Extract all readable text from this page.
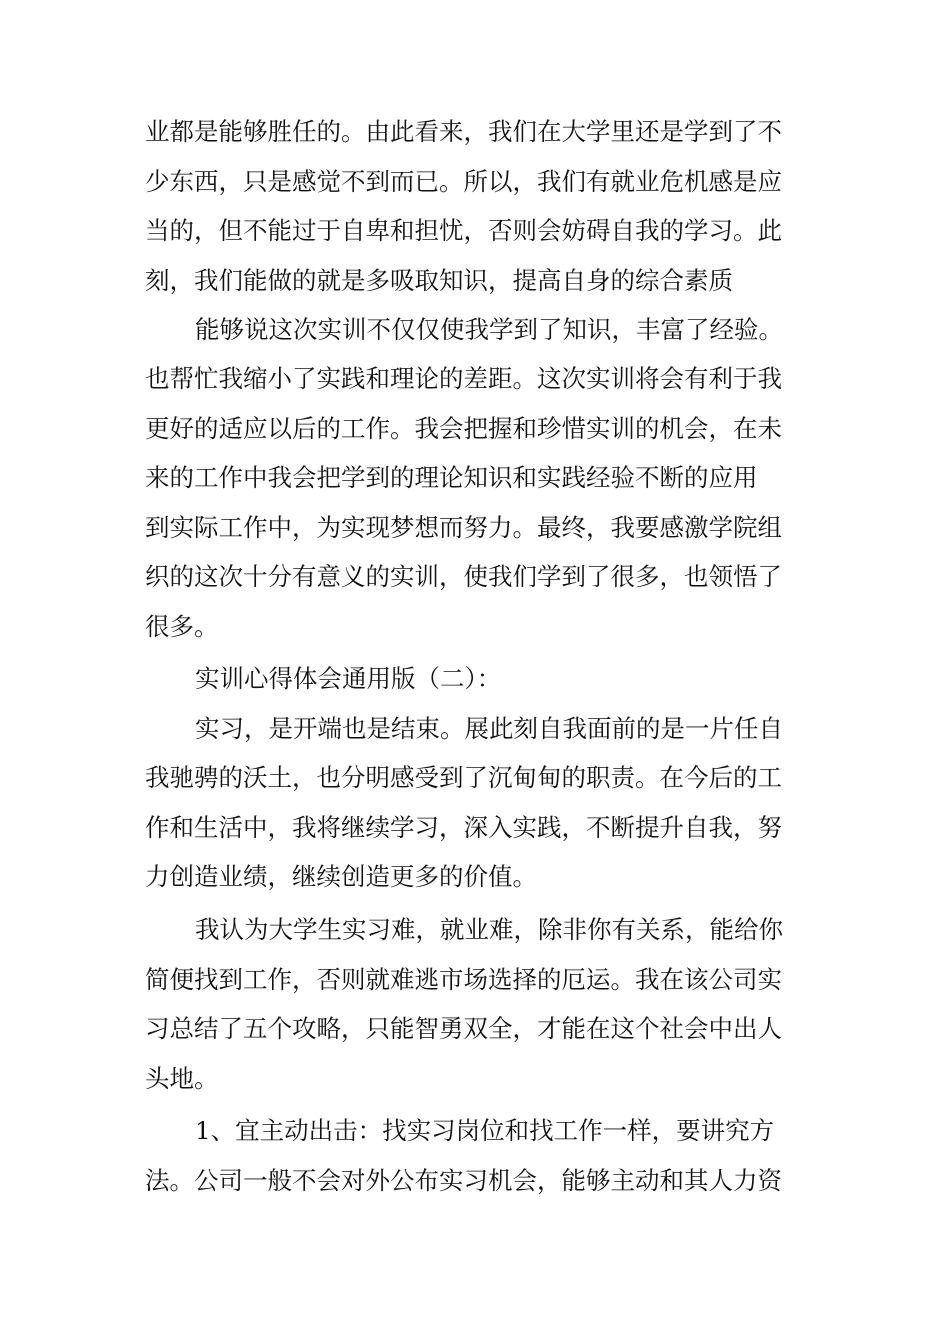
业都是能够胜任的。由此看来，我们在大学里还是学到了不
少东西，只是感觉不到而已。所以，我们有就业危机感是应
当的，但不能过于自卑和担忧，否则会妨碍自我的学习。此
刻，我们能做的就是多吸取知识，提高自身的综合素质
能够说这次实训不仅仅使我学到了知识，丰富了经验。
也帮忙我缩小了实践和理论的差距。这次实训将会有利于我
更好的适应以后的工作。我会把握和珍惜实训的机会，在未
来的工作中我会把学到的理论知识和实践经验不断的应用
到实际工作中，为实现梦想而努力。最终，我要感激学院组
织的这次十分有意义的实训，使我们学到了很多，也领悟了
很多。
实训心得体会通用版（二）：
实习，是开端也是结束。展此刻自我面前的是一片任自
我驰骋的沃土，也分明感受到了沉甸甸的职责。在今后的工
作和生活中，我将继续学习，深入实践，不断提升自我，努
力创造业绩，继续创造更多的价值。
我认为大学生实习难，就业难，除非你有关系，能给你
简便找到工作，否则就难逃市场选择的厄运。我在该公司实
习总结了五个攻略，只能智勇双全，才能在这个社会中出人
头地。
1、宜主动出击：找实习岗位和找工作一样，要讲究方
法。公司一般不会对外公布实习机会，能够主动和其人力资
